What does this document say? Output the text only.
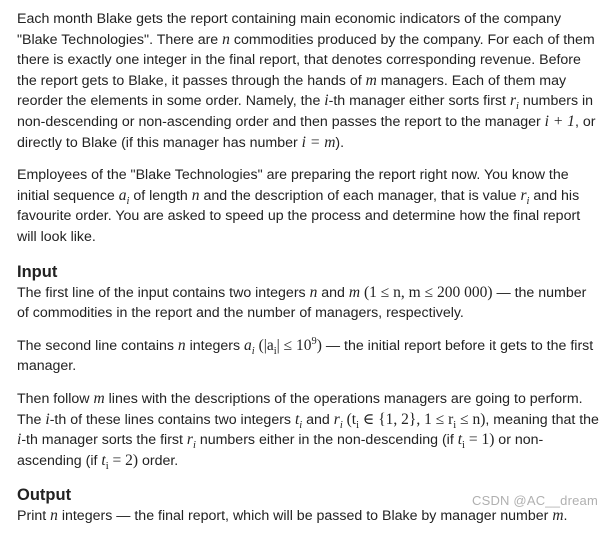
Each month Blake gets the report containing main economic indicators of the company "Blake Technologies". There are n commodities produced by the company. For each of them there is exactly one integer in the final report, that denotes corresponding revenue. Before the report gets to Blake, it passes through the hands of m managers. Each of them may reorder the elements in some order. Namely, the i-th manager either sorts first $r_i$ numbers in non-descending or non-ascending order and then passes the report to the manager i + 1, or directly to Blake (if this manager has number i = m).

Employees of the "Blake Technologies" are preparing the report right now. You know the initial sequence $a_i$ of length n and the description of each manager, that is value $r_i$ and his favourite order. You are asked to speed up the process and determine how the final report will look like.

Input

The first line of the input contains two integers n and m (1 ≤ n, m ≤ 200 000) — the number of commodities in the report and the number of managers, respectively.

The second line contains n integers $a_i$ $(|a_i| \le 10^9)$ — the initial report before it gets to the first manager.

Then follow m lines with the descriptions of the operations managers are going to perform. The i-th of these lines contains two integers $t_i$ and $r_i$ ($t_i$ ∈ {1, 2}, $1 \le r_i \le n$), meaning that the i-th manager sorts the first $r_i$ numbers either in the non-descending (if $t_i = 1$) or non-ascending (if $t_i = 2$) order.

Output

Print n integers — the final report, which will be passed to Blake by manager number m.

CSDN @AC__dream
